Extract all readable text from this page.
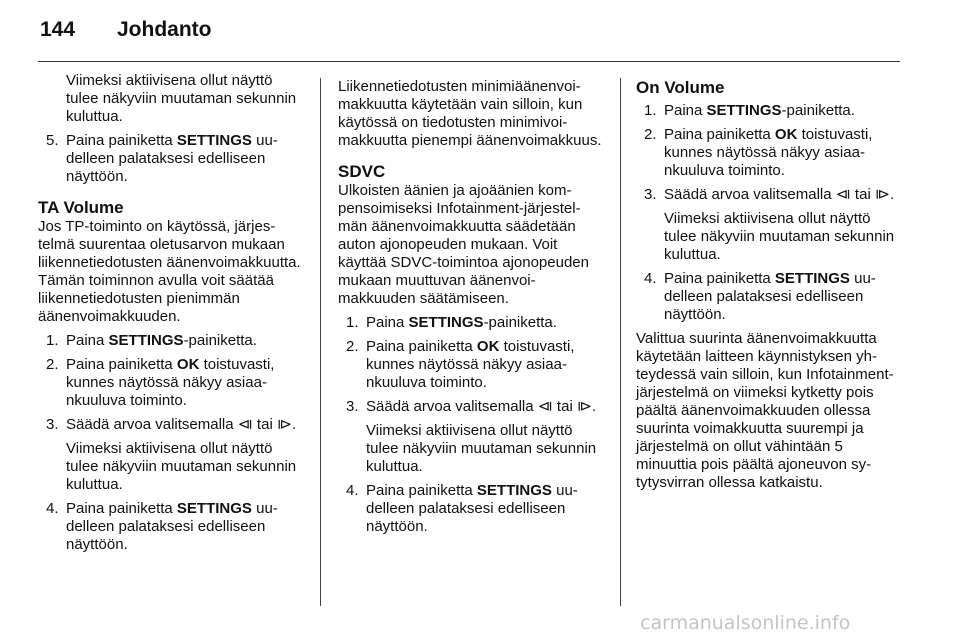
144 Johdanto

Viimeksi aktiivisena ollut näyttö tulee näkyviin muutaman sekunnin kuluttua.

5. Paina painiketta SETTINGS uudelleen palataksesi edelliseen näyttöön.
TA Volume

Jos TP-toiminto on käytössä, järjestelmä suurentaa oletusarvon mukaan liikennetiedotusten äänenvoimakkuutta. Tämän toiminnon avulla voit säätää liikennetiedotusten pienimmän äänenvoimakkuuden.

1. Paina SETTINGS-painiketta.
2. Paina painiketta OK toistuvasti, kunnes näytössä näkyy asiaankuuluva toiminto.
3. Säädä arvoa valitsemalla ⧏ tai ⧐.

Viimeksi aktiivisena ollut näyttö tulee näkyviin muutaman sekunnin kuluttua.

4. Paina painiketta SETTINGS uudelleen palataksesi edelliseen näyttöön.

Liikennetiedotusten minimiäänenvoimakkuutta käytetään vain silloin, kun käytössä on tiedotusten minimivoimakkuutta pienempi äänenvoimakkuus.

SDVC

Ulkoisten äänien ja ajoäänien kompensoimiseksi Infotainment-järjestelmän äänenvoimakkuutta säädetään auton ajonopeuden mukaan. Voit käyttää SDVC-toimintoa ajonopeuden mukaan muuttuvan äänenvoimakkuuden säätämiseen.

1. Paina SETTINGS-painiketta.
2. Paina painiketta OK toistuvasti, kunnes näytössä näkyy asiaankuuluva toiminto.
3. Säädä arvoa valitsemalla ⧏ tai ⧐.

Viimeksi aktiivisena ollut näyttö tulee näkyviin muutaman sekunnin kuluttua.

4. Paina painiketta SETTINGS uudelleen palataksesi edelliseen näyttöön.
On Volume
1. Paina SETTINGS-painiketta.
2. Paina painiketta OK toistuvasti, kunnes näytössä näkyy asiaankuuluva toiminto.
3. Säädä arvoa valitsemalla ⧏ tai ⧐.

Viimeksi aktiivisena ollut näyttö tulee näkyviin muutaman sekunnin kuluttua.

4. Paina painiketta SETTINGS uudelleen palataksesi edelliseen näyttöön.

Valittua suurinta äänenvoimakkuutta käytetään laitteen käynnistyksen yhteydessä vain silloin, kun Infotainment-järjestelmä on viimeksi kytketty pois päältä äänenvoimakkuuden ollessa suurinta voimakkuutta suurempi ja järjestelmä on ollut vähintään 5 minuuttia pois päältä ajoneuvon sytytysvirran ollessa katkaistu.

carmanualsonline.info
